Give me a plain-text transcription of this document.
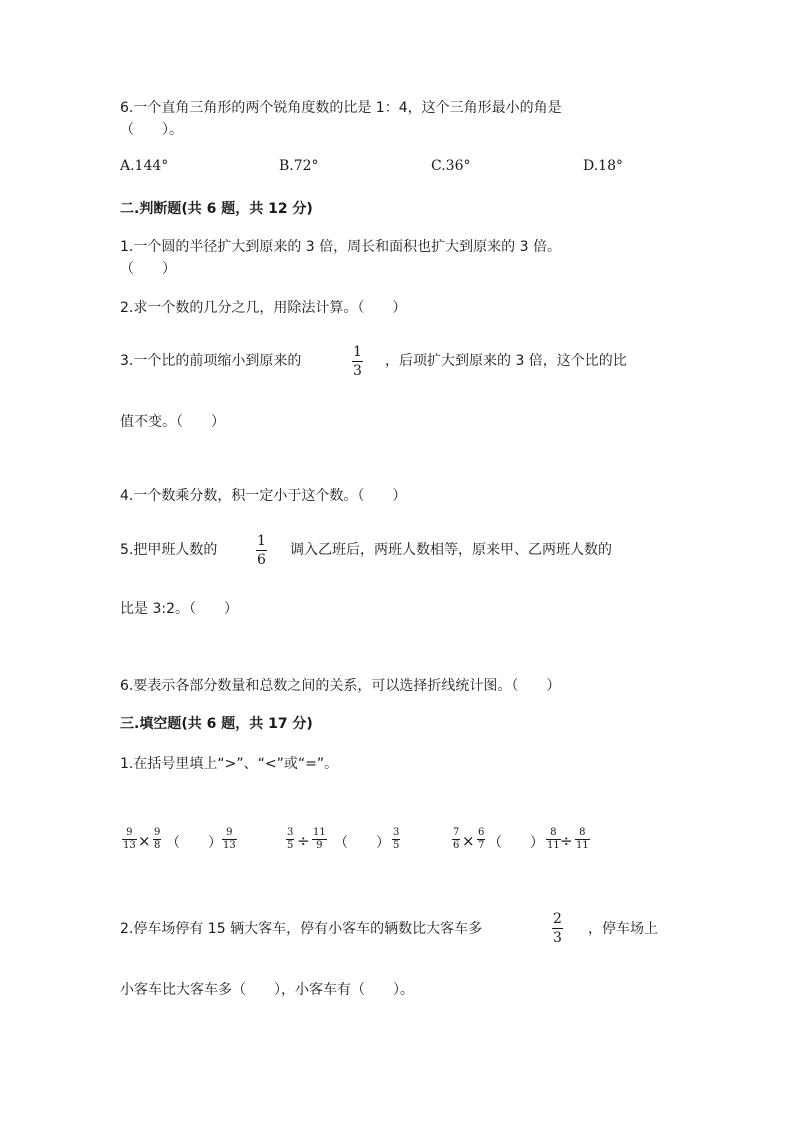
6.一个直角三角形的两个锐角度数的比是 1：4，这个三角形最小的角是
（　　）。
A.144°	B.72°	C.36°	D.18°
二.判断题(共 6 题，共 12 分)
1.一个圆的半径扩大到原来的 3 倍，周长和面积也扩大到原来的 3 倍。
（　　）
2.求一个数的几分之几，用除法计算。（　　）
3.一个比的前项缩小到原来的
1
3
，后项扩大到原来的 3 倍，这个比的比
值不变。（　　）
4.一个数乘分数，积一定小于这个数。（　　）
5.把甲班人数的
1
6
调入乙班后，两班人数相等，原来甲、乙两班人数的
比是 3:2。（　　）
6.要表示各部分数量和总数之间的关系，可以选择折线统计图。（　　）
三.填空题(共 6 题，共 17 分)
1.在括号里填上“>”、“<”或“=”。
9
13 × 9
8 （　　）
9
13
3
5 ÷ 11
9 （　　）
3
5
7
6 × 6
7 （　　）
8
11 ÷ 8
11
2.停车场停有 15 辆大客车，停有小客车的辆数比大客车多
2
3
，停车场上
小客车比大客车多（　　），小客车有（　　）。
